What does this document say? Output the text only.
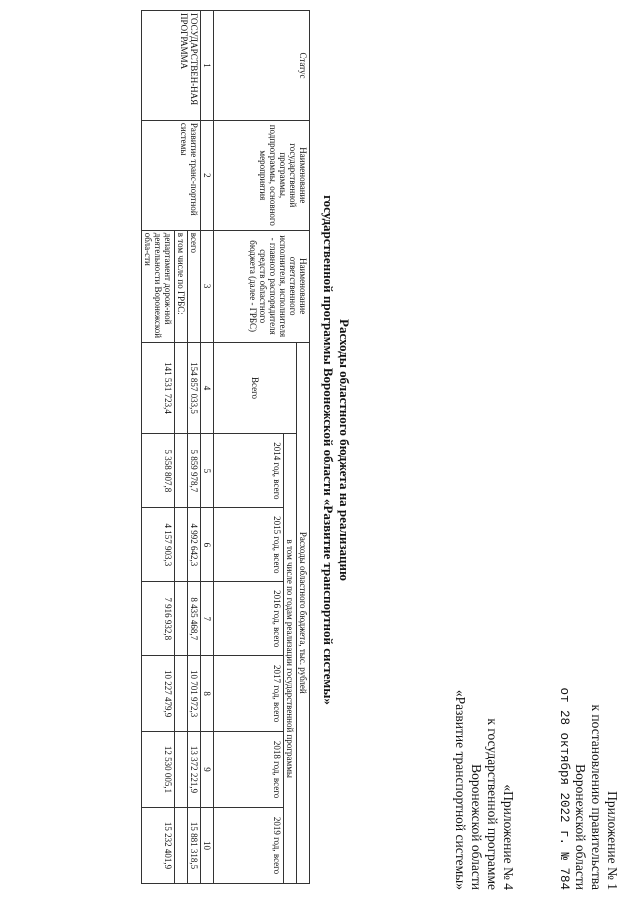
Приложение № 1
к постановлению правительства
Воронежской области
от 28 октября 2022 г. № 784
«Приложение № 4
к государственной программе
Воронежской области
«Развитие транспортной системы»
Расходы областного бюджета на реализацию
государственной программы Воронежской области «Развитие транспортной системы»
Статус	Наименование государственной программы, подпрограммы, основного мероприятия	Наименование ответственного исполнителя, исполнителя - главного распорядителя средств областного бюджета (далее - ГРБС)	Расходы областного бюджета, тыс. рублей						
			Всего	в том числе по годам реализации государственной программы					
				2014 год, всего	2015 год, всего	2016 год, всего	2017 год, всего	2018 год, всего	2019 год, всего
1	2	3	4	5	6	7	8	9	10
ГОСУДАРСТВЕН-НАЯ ПРОГРАММА	Развитие транс-портной системы	всего	154 857 033,5	5 859 978,7	4 992 642,3	8 435 468,7	10 701 972,3	13 372 221,9	15 881 318,5
		в том числе по ГРБС:							
		департамент дорож-ной деятельности Воронежской обла-сти	141 531 723,4	5 358 807,8	4 157 903,3	7 916 932,8	10 227 479,9	12 530 005,1	15 232 401,9
